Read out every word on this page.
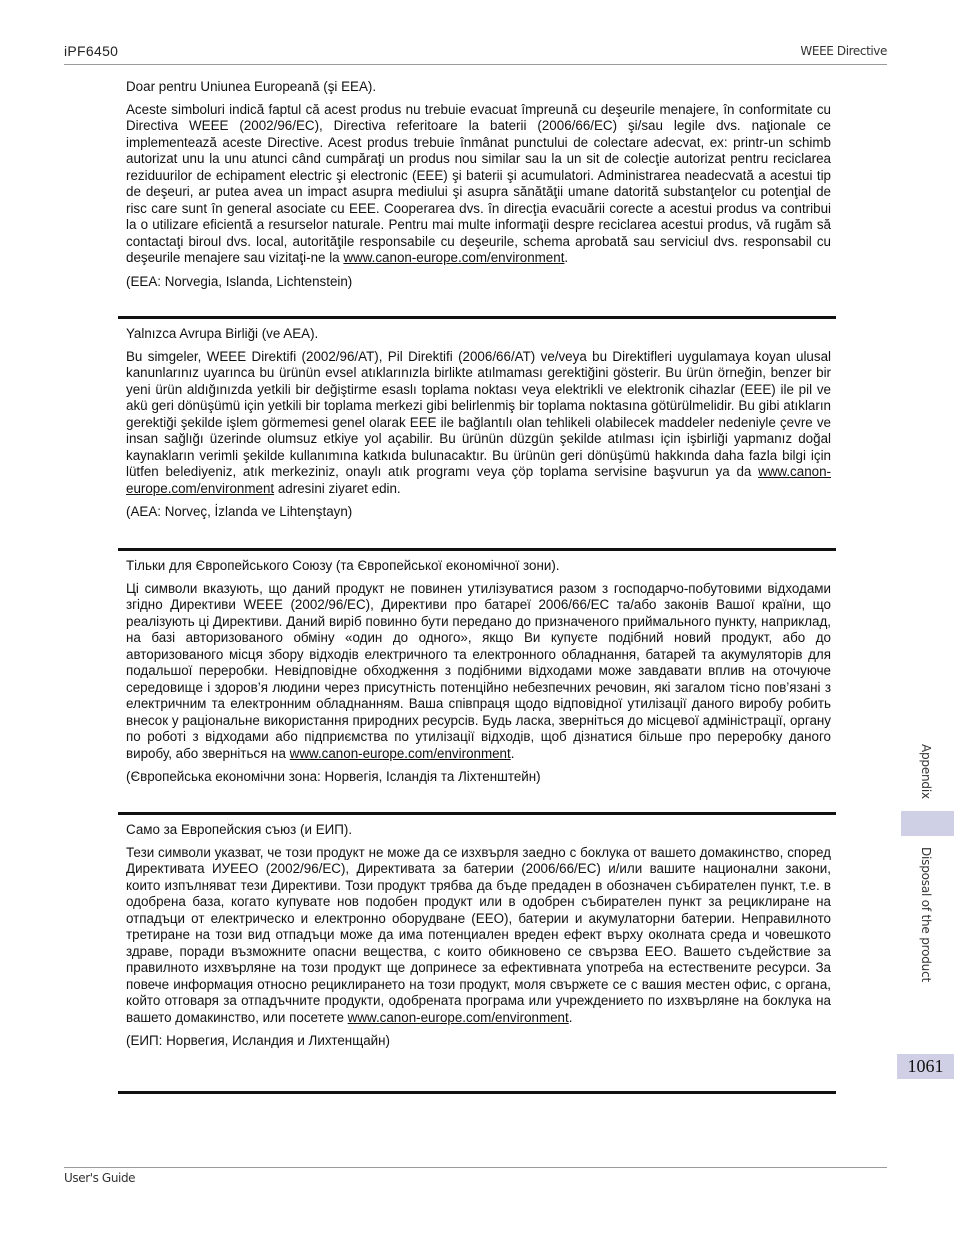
iPF6450	WEEE Directive

Doar pentru Uniunea Europeană (şi EEA).

Aceste simboluri indică faptul că acest produs nu trebuie evacuat împreună cu deşeurile menajere, în conformitate cu Directiva WEEE (2002/96/EC), Directiva referitoare la baterii (2006/66/EC) şi/sau legile dvs. naţionale ce implementează aceste Directive. Acest produs trebuie înmânat punctului de colectare adecvat, ex: printr-un schimb autorizat unu la unu atunci când cumpăraţi un produs nou similar sau la un sit de colecţie autorizat pentru reciclarea reziduurilor de echipament electric şi electronic (EEE) şi baterii şi acumulatori. Administrarea neadecvată a acestui tip de deşeuri, ar putea avea un impact asupra mediului şi asupra sănătăţii umane datorită substanţelor cu potenţial de risc care sunt în general asociate cu EEE. Cooperarea dvs. în direcţia evacuării corecte a acestui produs va contribui la o utilizare eficientă a resurselor naturale. Pentru mai multe informaţii despre reciclarea acestui produs, vă rugăm să contactaţi biroul dvs. local, autorităţile responsabile cu deşeurile, schema aprobată sau serviciul dvs. responsabil cu deşeurile menajere sau vizitaţi-ne la www.canon-europe.com/environment.

(EEA: Norvegia, Islanda, Lichtenstein)

Yalnızca Avrupa Birliği (ve AEA).

Bu simgeler, WEEE Direktifi (2002/96/AT), Pil Direktifi (2006/66/AT) ve/veya bu Direktifleri uygulamaya koyan ulusal kanunlarınız uyarınca bu ürünün evsel atıklarınızla birlikte atılmaması gerektiğini gösterir. Bu ürün örneğin, benzer bir yeni ürün aldığınızda yetkili bir değiştirme esaslı toplama noktası veya elektrikli ve elektronik cihazlar (EEE) ile pil ve akü geri dönüşümü için yetkili bir toplama merkezi gibi belirlenmiş bir toplama noktasına götürülmelidir. Bu gibi atıkların gerektiği şekilde işlem görmemesi genel olarak EEE ile bağlantılı olan tehlikeli olabilecek maddeler nedeniyle çevre ve insan sağlığı üzerinde olumsuz etkiye yol açabilir. Bu ürünün düzgün şekilde atılması için işbirliği yapmanız doğal kaynakların verimli şekilde kullanımına katkıda bulunacaktır. Bu ürünün geri dönüşümü hakkında daha fazla bilgi için lütfen belediyeniz, atık merkeziniz, onaylı atık programı veya çöp toplama servisine başvurun ya da www.canon-europe.com/environment adresini ziyaret edin.

(AEA: Norveç, İzlanda ve Lihtenştayn)

Тільки для Європейського Союзу (та Європейської економічної зони).

Ці символи вказують, що даний продукт не повинен утилізуватися разом з господарчо-побутовими відходами згідно Директиви WEEE (2002/96/EC), Директиви про батареї 2006/66/EC та/або законів Вашої країни, що реалізують ці Директиви. Даний виріб повинно бути передано до призначеного приймального пункту, наприклад, на базі авторизованого обміну «один до одного», якщо Ви купуєте подібний новий продукт, або до авторизованого місця збору відходів електричного та електронного обладнання, батарей та акумуляторів для подальшої переробки. Невідповідне обходження з подібними відходами може завдавати вплив на оточуюче середовище і здоров’я людини через присутність потенційно небезпечних речовин, які загалом тісно пов’язані з електричним та електронним обладнанням. Ваша співпраця щодо відповідної утилізації даного виробу робить внесок у раціональне використання природних ресурсів. Будь ласка, зверніться до місцевої адміністрації, органу по роботі з відходами або підприємства по утилізації відходів, щоб дізнатися більше про переробку даного виробу, або зверніться на www.canon-europe.com/environment.

(Європейська економічни зона: Норвегія, Ісландія та Ліхтенштейн)

Само за Европейския съюз (и ЕИП).

Тези символи указват, че този продукт не може да се изхвърля заедно с боклука от вашето домакинство, според Директивата ИУЕЕО (2002/96/EC), Директивата за батерии (2006/66/EC) и/или вашите национални закони, които изпълняват тези Директиви. Този продукт трябва да бъде предаден в обозначен събирателен пункт, т.е. в одобрена база, когато купувате нов подобен продукт или в одобрен събирателен пункт за рециклиране на отпадъци от електрическо и електронно оборудване (ЕЕО), батерии и акумулаторни батерии. Неправилното третиране на този вид отпадъци може да има потенциален вреден ефект върху околната среда и човешкото здраве, поради възможните опасни вещества, с които обикновено се свързва ЕЕО. Вашето съдействие за правилното изхвърляне на този продукт ще допринесе за ефективната употреба на естествените ресурси. За повече информация относно рециклирането на този продукт, моля свържете се с вашия местен офис, с органа, който отговаря за отпадъчните продукти, одобрената програма или учреждението по изхвърляне на боклука на вашето домакинство, или посетете www.canon-europe.com/environment.

(ЕИП: Норвегия, Исландия и Лихтенщайн)

Appendix
Disposal of the product
1061
User's Guide
